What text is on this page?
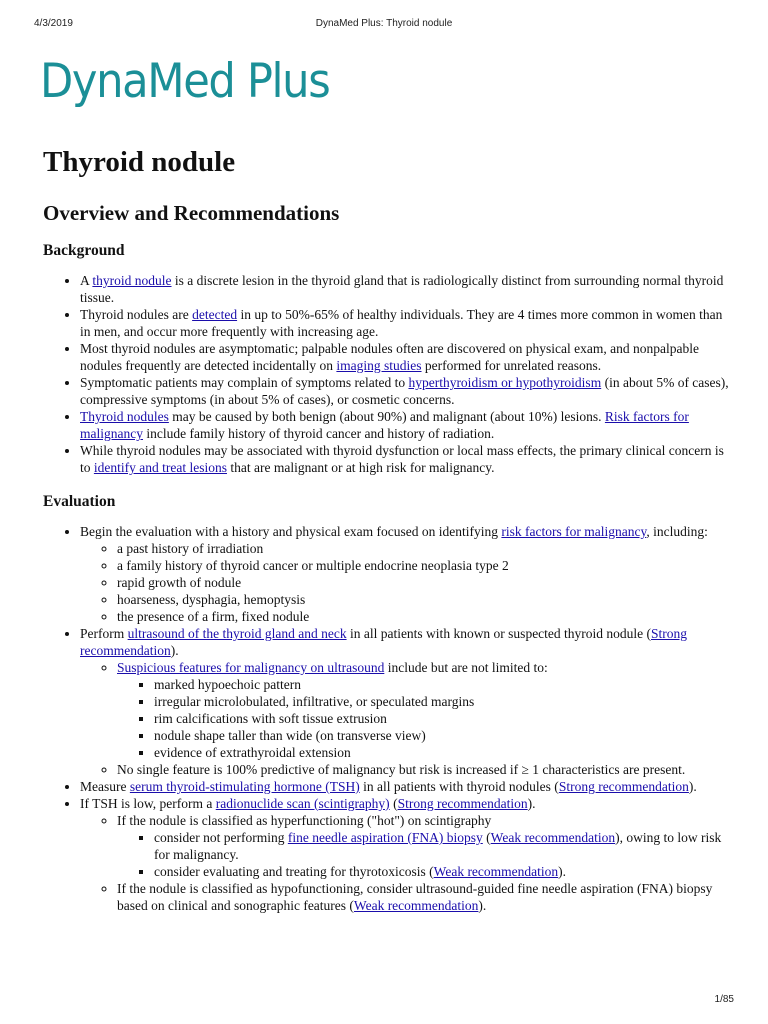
4/3/2019	DynaMed Plus: Thyroid nodule
DynaMed Plus
Thyroid nodule
Overview and Recommendations
Background
• A thyroid nodule is a discrete lesion in the thyroid gland that is radiologically distinct from surrounding normal thyroid tissue.
• Thyroid nodules are detected in up to 50%-65% of healthy individuals. They are 4 times more common in women than in men, and occur more frequently with increasing age.
• Most thyroid nodules are asymptomatic; palpable nodules often are discovered on physical exam, and nonpalpable nodules frequently are detected incidentally on imaging studies performed for unrelated reasons.
• Symptomatic patients may complain of symptoms related to hyperthyroidism or hypothyroidism (in about 5% of cases), compressive symptoms (in about 5% of cases), or cosmetic concerns.
• Thyroid nodules may be caused by both benign (about 90%) and malignant (about 10%) lesions. Risk factors for malignancy include family history of thyroid cancer and history of radiation.
• While thyroid nodules may be associated with thyroid dysfunction or local mass effects, the primary clinical concern is to identify and treat lesions that are malignant or at high risk for malignancy.
Evaluation
• Begin the evaluation with a history and physical exam focused on identifying risk factors for malignancy, including:
◦ a past history of irradiation
◦ a family history of thyroid cancer or multiple endocrine neoplasia type 2
◦ rapid growth of nodule
◦ hoarseness, dysphagia, hemoptysis
◦ the presence of a firm, fixed nodule
• Perform ultrasound of the thyroid gland and neck in all patients with known or suspected thyroid nodule (Strong recommendation).
◦ Suspicious features for malignancy on ultrasound include but are not limited to:
▪ marked hypoechoic pattern
▪ irregular microlobulated, infiltrative, or speculated margins
▪ rim calcifications with soft tissue extrusion
▪ nodule shape taller than wide (on transverse view)
▪ evidence of extrathyroidal extension
◦ No single feature is 100% predictive of malignancy but risk is increased if ≥ 1 characteristics are present.
• Measure serum thyroid-stimulating hormone (TSH) in all patients with thyroid nodules (Strong recommendation).
• If TSH is low, perform a radionuclide scan (scintigraphy) (Strong recommendation).
◦ If the nodule is classified as hyperfunctioning ("hot") on scintigraphy
▪ consider not performing fine needle aspiration (FNA) biopsy (Weak recommendation), owing to low risk for malignancy.
▪ consider evaluating and treating for thyrotoxicosis (Weak recommendation).
◦ If the nodule is classified as hypofunctioning, consider ultrasound-guided fine needle aspiration (FNA) biopsy based on clinical and sonographic features (Weak recommendation).
1/85
